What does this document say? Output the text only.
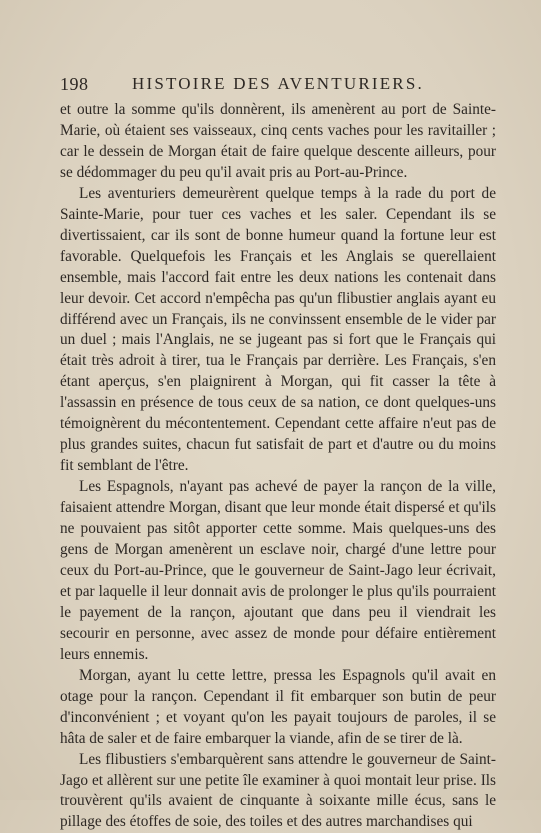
198	HISTOIRE DES AVENTURIERS.

et outre la somme qu'ils donnèrent, ils amenèrent au port de Sainte-Marie, où étaient ses vaisseaux, cinq cents vaches pour les ravitailler ; car le dessein de Morgan était de faire quelque descente ailleurs, pour se dédommager du peu qu'il avait pris au Port-au-Prince.

Les aventuriers demeurèrent quelque temps à la rade du port de Sainte-Marie, pour tuer ces vaches et les saler. Cependant ils se divertissaient, car ils sont de bonne humeur quand la fortune leur est favorable. Quelquefois les Français et les Anglais se querellaient ensemble, mais l'accord fait entre les deux nations les contenait dans leur devoir. Cet accord n'empêcha pas qu'un flibustier anglais ayant eu différend avec un Français, ils ne convinssent ensemble de le vider par un duel ; mais l'Anglais, ne se jugeant pas si fort que le Français qui était très adroit à tirer, tua le Français par derrière. Les Français, s'en étant aperçus, s'en plaignirent à Morgan, qui fit casser la tête à l'assassin en présence de tous ceux de sa nation, ce dont quelques-uns témoignèrent du mécontentement. Cependant cette affaire n'eut pas de plus grandes suites, chacun fut satisfait de part et d'autre ou du moins fit semblant de l'être.

Les Espagnols, n'ayant pas achevé de payer la rançon de la ville, faisaient attendre Morgan, disant que leur monde était dispersé et qu'ils ne pouvaient pas sitôt apporter cette somme. Mais quelques-uns des gens de Morgan amenèrent un esclave noir, chargé d'une lettre pour ceux du Port-au-Prince, que le gouverneur de Saint-Jago leur écrivait, et par laquelle il leur donnait avis de prolonger le plus qu'ils pourraient le payement de la rançon, ajoutant que dans peu il viendrait les secourir en personne, avec assez de monde pour défaire entièrement leurs ennemis.

Morgan, ayant lu cette lettre, pressa les Espagnols qu'il avait en otage pour la rançon. Cependant il fit embarquer son butin de peur d'inconvénient ; et voyant qu'on les payait toujours de paroles, il se hâta de saler et de faire embarquer la viande, afin de se tirer de là.

Les flibustiers s'embarquèrent sans attendre le gouverneur de Saint-Jago et allèrent sur une petite île examiner à quoi montait leur prise. Ils trouvèrent qu'ils avaient de cinquante à soixante mille écus, sans le pillage des étoffes de soie, des toiles et des autres marchandises qui
